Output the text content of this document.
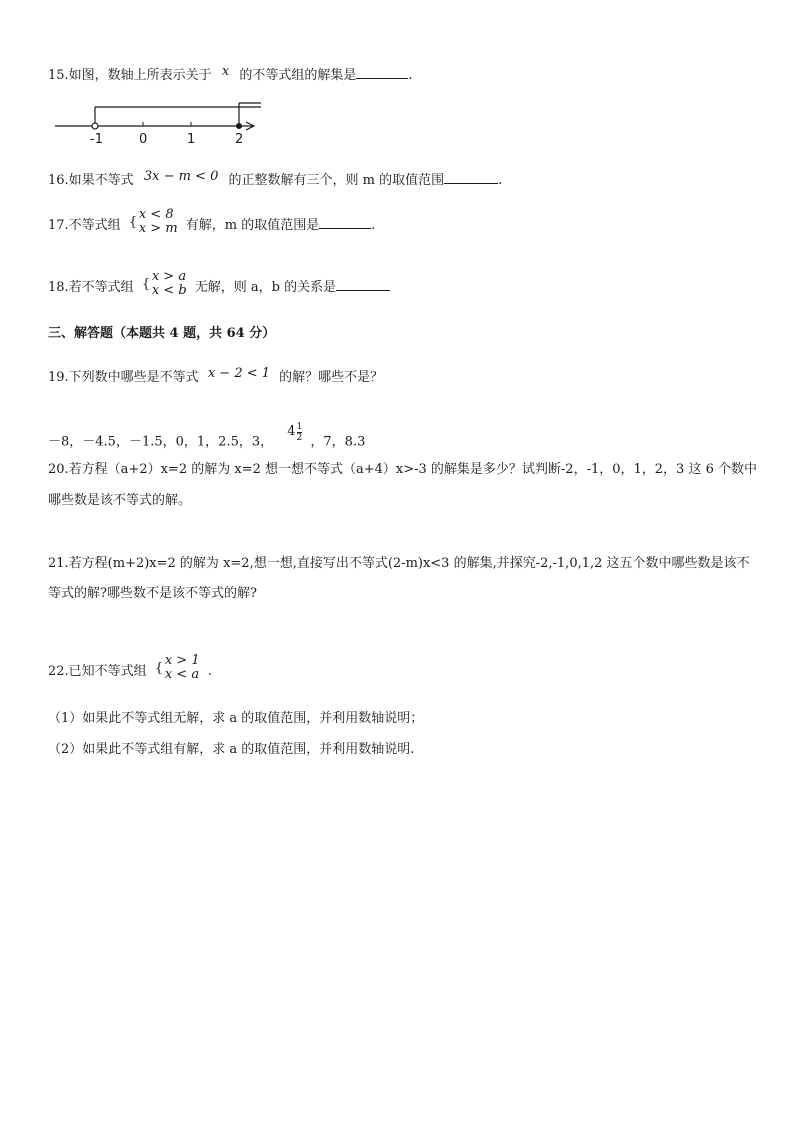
15.如图，数轴上所表示关于 x 的不等式组的解集是	.
-1	0	1	2
16.如果不等式 3x − m < 0 的正整数解有三个，则 m 的取值范围	.
17.不等式组 {
x < 8
x > m 有解，m 的取值范围是	.
18.若不等式组 {
x > a
x < b 无解，则 a，b 的关系是
三、解答题（本题共 4 题，共 64 分）
19.下列数中哪些是不等式 x − 2 < 1 的解？哪些不是？
－8，－4.5，－1.5，0，1，2.5，3， $4 \frac{1}{2}$ ，7，8.3
20.若方程（a+2）x=2 的解为 x=2 想一想不等式（a+4）x>-3 的解集是多少？试判断-2，-1，0，1，2，3 这 6 个数中
哪些数是该不等式的解。
21.若方程(m+2)x=2 的解为 x=2,想一想,直接写出不等式(2-m)x<3 的解集,并探究-2,-1,0,1,2 这五个数中哪些数是该不
等式的解?哪些数不是该不等式的解?
22.已知不等式组 {
x > 1
x < a .
（1）如果此不等式组无解，求 a 的取值范围，并利用数轴说明；
（2）如果此不等式组有解，求 a 的取值范围，并利用数轴说明.
